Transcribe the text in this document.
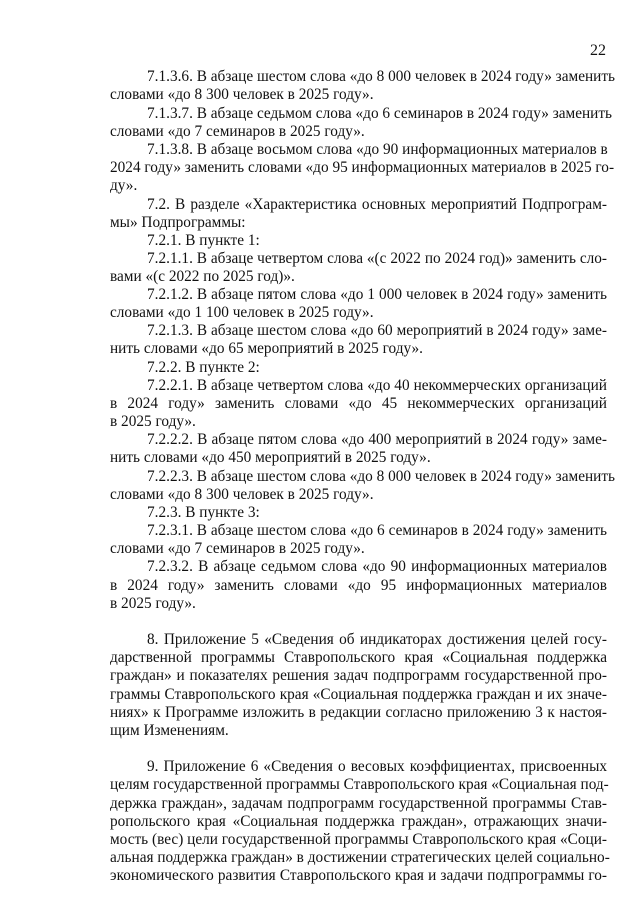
22
7.1.3.6. В абзаце шестом слова «до 8 000 человек в 2024 году» заменить
словами «до 8 300 человек в 2025 году».
7.1.3.7. В абзаце седьмом слова «до 6 семинаров в 2024 году» заменить
словами «до 7 семинаров в 2025 году».
7.1.3.8. В абзаце восьмом слова «до 90 информационных материалов в
2024 году» заменить словами «до 95 информационных материалов в 2025 го-
ду».
7.2. В разделе «Характеристика основных мероприятий Подпрограм-
мы» Подпрограммы:
7.2.1. В пункте 1:
7.2.1.1. В абзаце четвертом слова «(с 2022 по 2024 год)» заменить сло-
вами «(с 2022 по 2025 год)».
7.2.1.2. В абзаце пятом слова «до 1 000 человек в 2024 году» заменить
словами «до 1 100 человек в 2025 году».
7.2.1.3. В абзаце шестом слова «до 60 мероприятий в 2024 году» заме-
нить словами «до 65 мероприятий в 2025 году».
7.2.2. В пункте 2:
7.2.2.1. В абзаце четвертом слова «до 40 некоммерческих организаций
в 2024 году» заменить словами «до 45 некоммерческих организаций
в 2025 году».
7.2.2.2. В абзаце пятом слова «до 400 мероприятий в 2024 году» заме-
нить словами «до 450 мероприятий в 2025 году».
7.2.2.3. В абзаце шестом слова «до 8 000 человек в 2024 году» заменить
словами «до 8 300 человек в 2025 году».
7.2.3. В пункте 3:
7.2.3.1. В абзаце шестом слова «до 6 семинаров в 2024 году» заменить
словами «до 7 семинаров в 2025 году».
7.2.3.2. В абзаце седьмом слова «до 90 информационных материалов
в 2024 году» заменить словами «до 95 информационных материалов
в 2025 году».
8. Приложение 5 «Сведения об индикаторах достижения целей госу-
дарственной программы Ставропольского края «Социальная поддержка
граждан» и показателях решения задач подпрограмм государственной про-
граммы Ставропольского края «Социальная поддержка граждан и их значе-
ниях» к Программе изложить в редакции согласно приложению 3 к настоя-
щим Изменениям.
9. Приложение 6 «Сведения о весовых коэффициентах, присвоенных
целям государственной программы Ставропольского края «Социальная под-
держка граждан», задачам подпрограмм государственной программы Став-
ропольского края «Социальная поддержка граждан», отражающих значи-
мость (вес) цели государственной программы Ставропольского края «Соци-
альная поддержка граждан» в достижении стратегических целей социально-
экономического развития Ставропольского края и задачи подпрограммы го-
